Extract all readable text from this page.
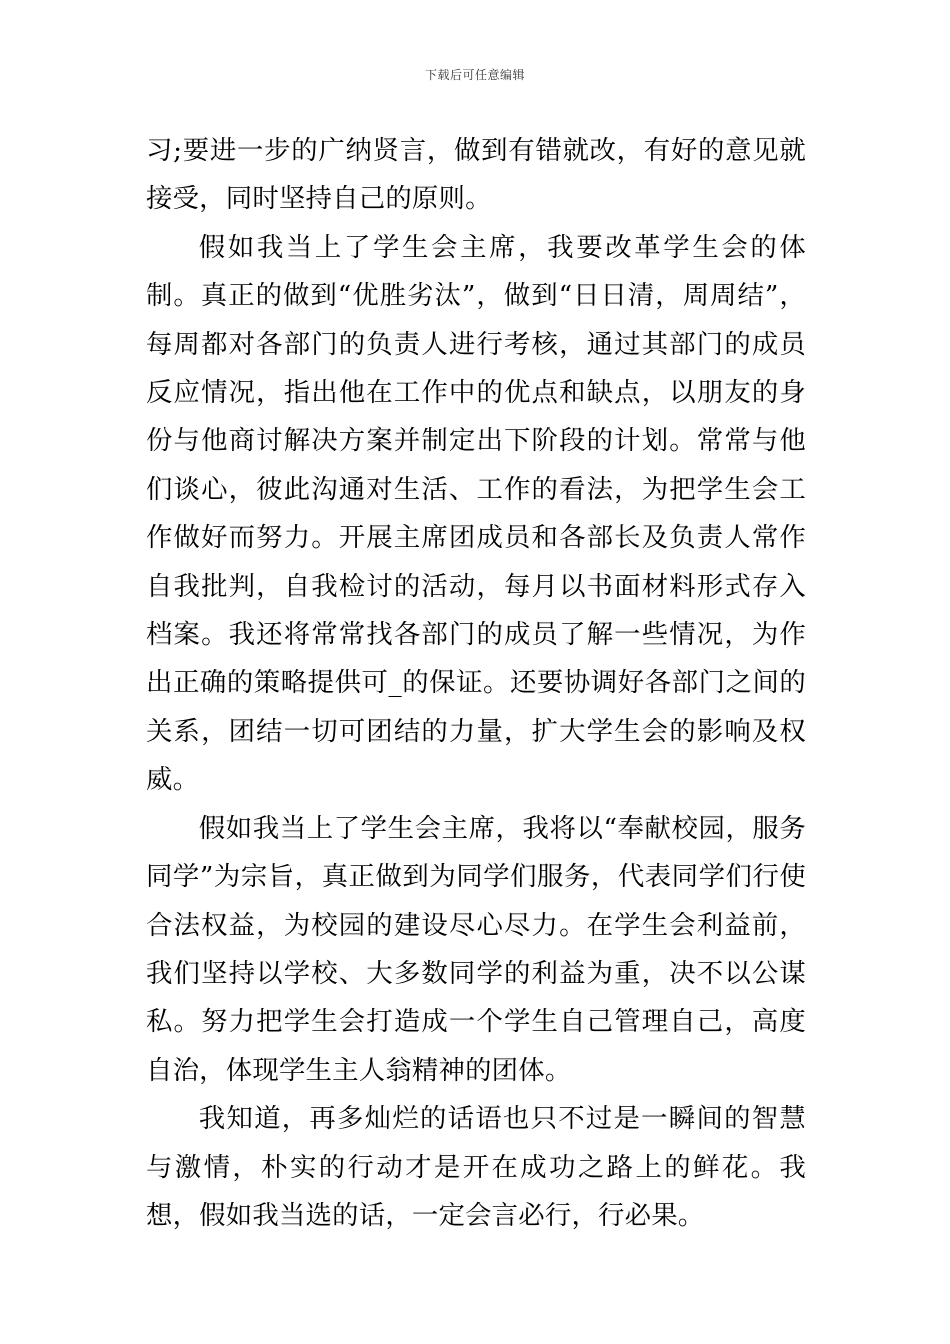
下载后可任意编辑

习;要进一步的广纳贤言，做到有错就改，有好的意见就接受，同时坚持自己的原则。

假如我当上了学生会主席，我要改革学生会的体制。真正的做到“优胜劣汰”，做到“日日清，周周结”，每周都对各部门的负责人进行考核，通过其部门的成员反应情况，指出他在工作中的优点和缺点，以朋友的身份与他商讨解决方案并制定出下阶段的计划。常常与他们谈心，彼此沟通对生活、工作的看法，为把学生会工作做好而努力。开展主席团成员和各部长及负责人常作自我批判，自我检讨的活动，每月以书面材料形式存入档案。我还将常常找各部门的成员了解一些情况，为作出正确的策略提供可_的保证。还要协调好各部门之间的关系，团结一切可团结的力量，扩大学生会的影响及权威。

假如我当上了学生会主席，我将以“奉献校园，服务同学”为宗旨，真正做到为同学们服务，代表同学们行使合法权益，为校园的建设尽心尽力。在学生会利益前，我们坚持以学校、大多数同学的利益为重，决不以公谋私。努力把学生会打造成一个学生自己管理自己，高度自治，体现学生主人翁精神的团体。

我知道，再多灿烂的话语也只不过是一瞬间的智慧与激情，朴实的行动才是开在成功之路上的鲜花。我想，假如我当选的话，一定会言必行，行必果。
